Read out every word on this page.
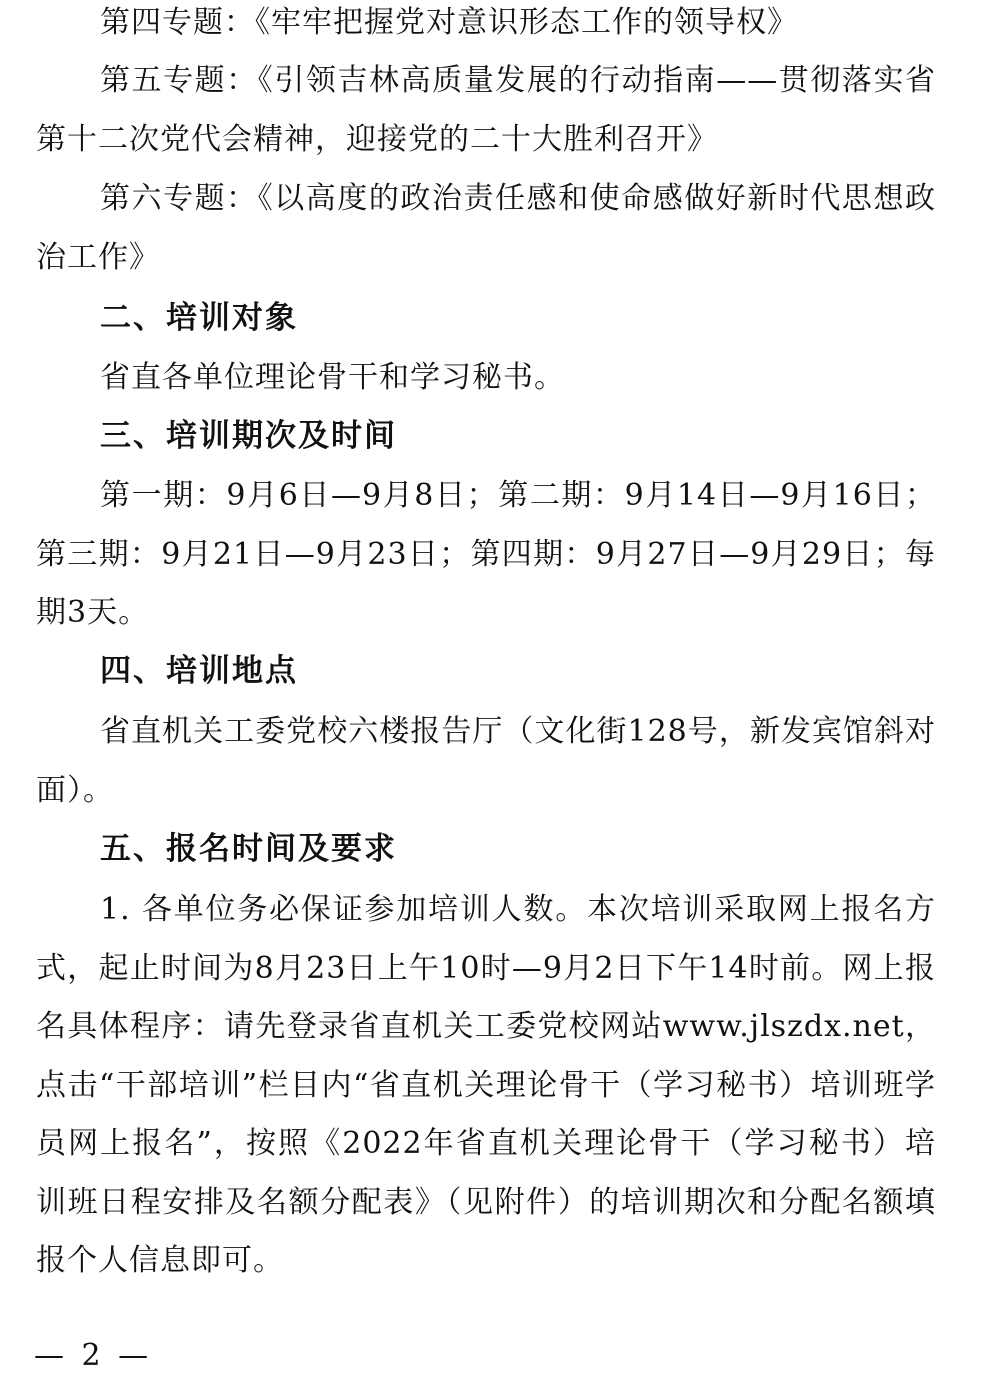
第四专题：《牢牢把握党对意识形态工作的领导权》

第五专题：《引领吉林高质量发展的行动指南——贯彻落实省第十二次党代会精神，迎接党的二十大胜利召开》

第六专题：《以高度的政治责任感和使命感做好新时代思想政治工作》

二、培训对象

省直各单位理论骨干和学习秘书。

三、培训期次及时间

第一期：9月6日—9月8日；第二期：9月14日—9月16日；第三期：9月21日—9月23日；第四期：9月27日—9月29日；每期3天。

四、培训地点

省直机关工委党校六楼报告厅（文化街128号，新发宾馆斜对面）。

五、报名时间及要求

1. 各单位务必保证参加培训人数。本次培训采取网上报名方式，起止时间为8月23日上午10时—9月2日下午14时前。网上报名具体程序：请先登录省直机关工委党校网站www.jlszdx.net，点击“干部培训”栏目内“省直机关理论骨干（学习秘书）培训班学员网上报名”，按照《2022年省直机关理论骨干（学习秘书）培训班日程安排及名额分配表》（见附件）的培训期次和分配名额填报个人信息即可。

— 2 —
